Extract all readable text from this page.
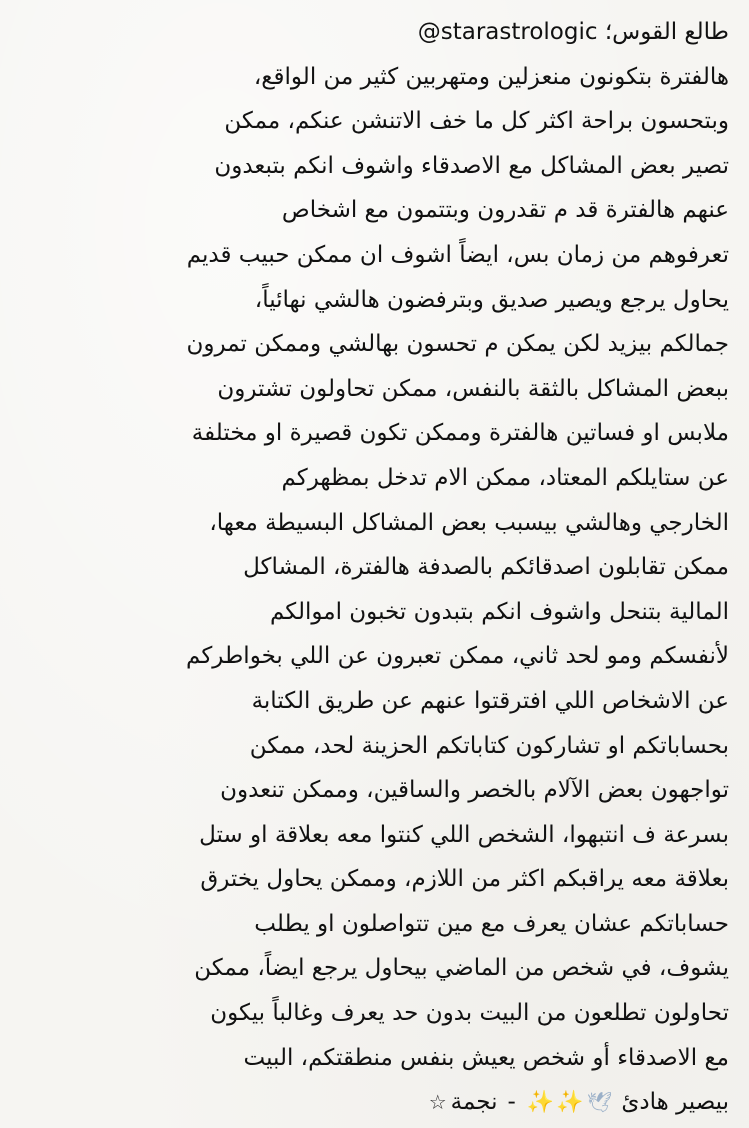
طالع القوس؛ @starastrologic
هالفترة بتكونون منعزلين ومتهربين كثير من الواقع،
وبتحسون براحة اكثر كل ما خف الاتنشن عنكم، ممكن
تصير بعض المشاكل مع الاصدقاء واشوف انكم بتبعدون
عنهم هالفترة قد م تقدرون وبتتمون مع اشخاص
تعرفوهم من زمان بس، ايضاً اشوف ان ممكن حبيب قديم
يحاول يرجع ويصير صديق وبترفضون هالشي نهائياً،
جمالكم بيزيد لكن يمكن م تحسون بهالشي وممكن تمرون
ببعض المشاكل بالثقة بالنفس، ممكن تحاولون تشترون
ملابس او فساتين هالفترة وممكن تكون قصيرة او مختلفة
عن ستايلكم المعتاد، ممكن الام تدخل بمظهركم
الخارجي وهالشي بيسبب بعض المشاكل البسيطة معها،
ممكن تقابلون اصدقائكم بالصدفة هالفترة، المشاكل
المالية بتنحل واشوف انكم بتبدون تخبون اموالكم
لأنفسكم ومو لحد ثاني، ممكن تعبرون عن اللي بخواطركم
عن الاشخاص اللي افترقتوا عنهم عن طريق الكتابة
بحساباتكم او تشاركون كتاباتكم الحزينة لحد، ممكن
تواجهون بعض الآلام بالخصر والساقين، وممكن تنعدون
بسرعة ف انتبهوا، الشخص اللي كنتوا معه بعلاقة او ستل
بعلاقة معه يراقبكم اكثر من اللازم، وممكن يحاول يخترق
حساباتكم عشان يعرف مع مين تتواصلون او يطلب
يشوف، في شخص من الماضي بيحاول يرجع ايضاً، ممكن
تحاولون تطلعون من البيت بدون حد يعرف وغالباً بيكون
مع الاصدقاء أو شخص يعيش بنفس منطقتكم، البيت
بيصير هادئ 🕊✨✨-نجمة☆
